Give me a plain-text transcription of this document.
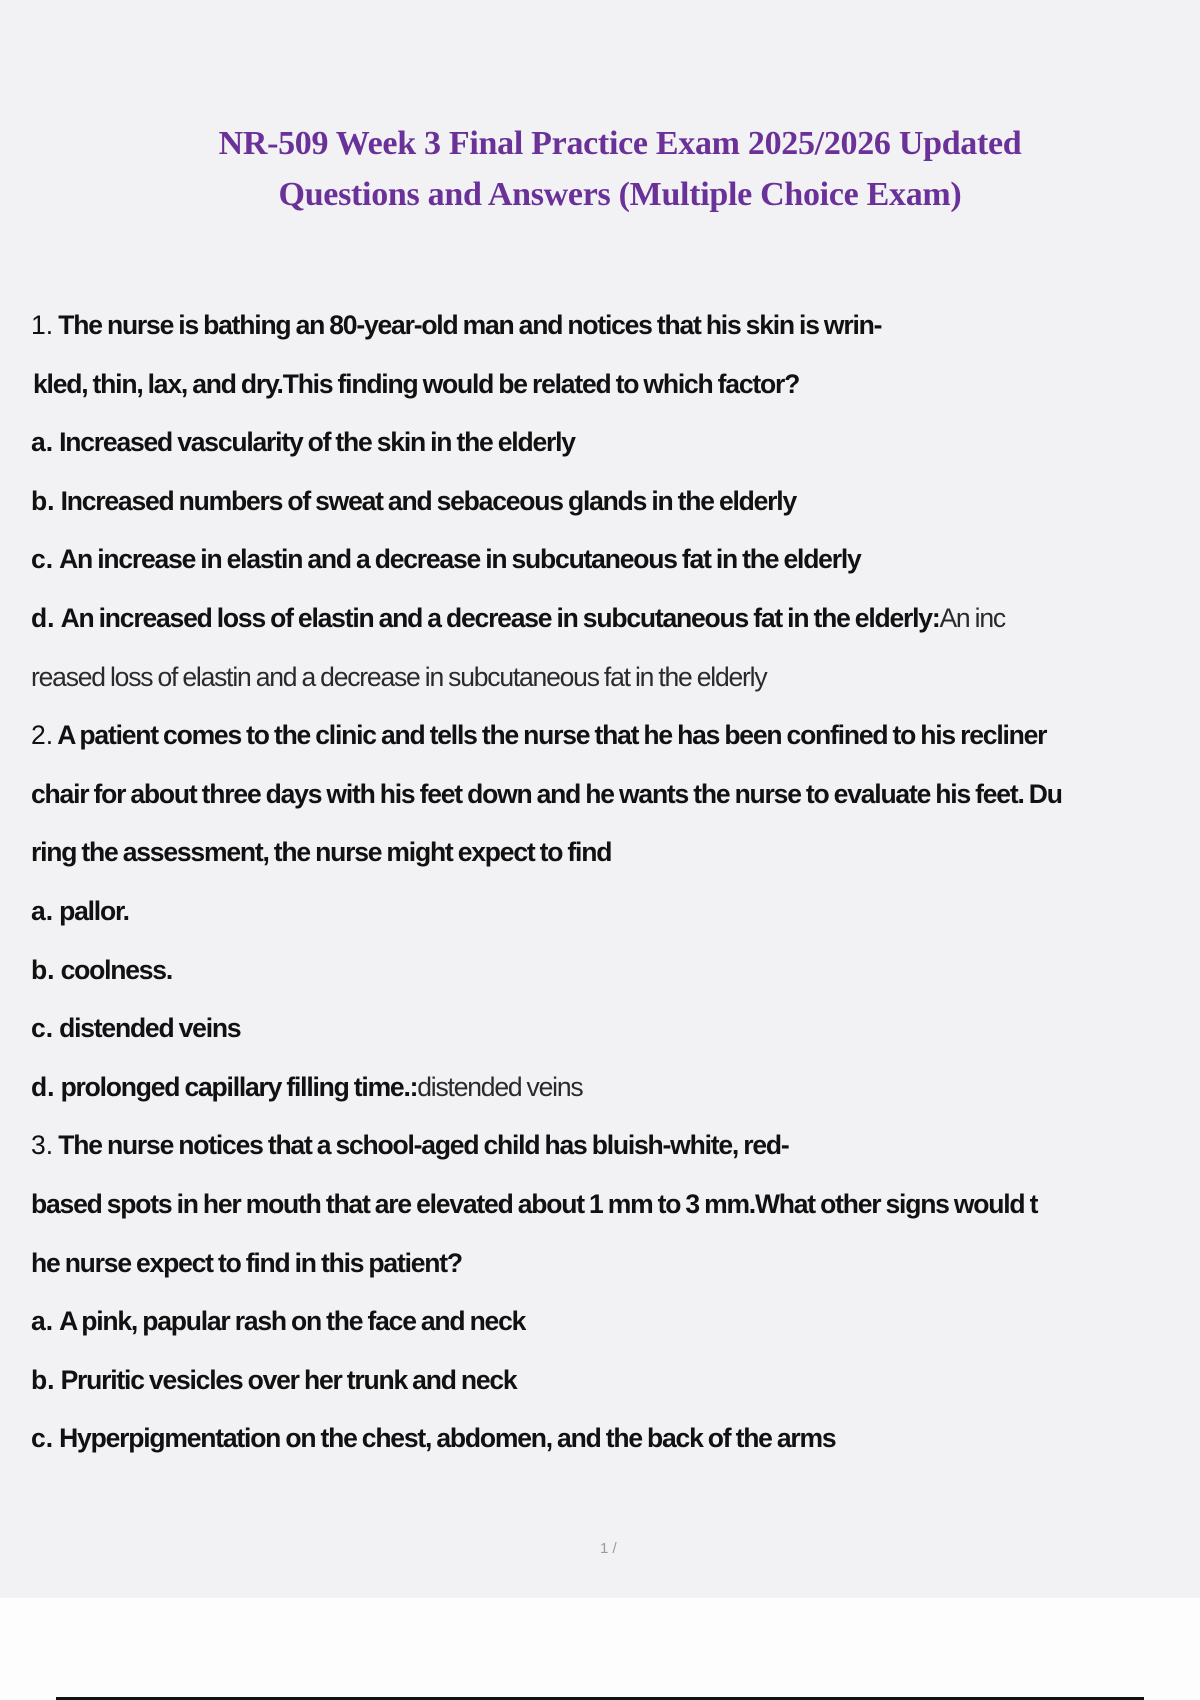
NR-509 Week 3 Final Practice Exam 2025/2026 Updated
Questions and Answers (Multiple Choice Exam)
1. The nurse is bathing an 80-year-old man and notices that his skin is wrin-
kled, thin, lax, and dry.This finding would be related to which factor?
a. Increased vascularity of the skin in the elderly
b. Increased numbers of sweat and sebaceous glands in the elderly
c. An increase in elastin and a decrease in subcutaneous fat in the elderly
d. An increased loss of elastin and a decrease in subcutaneous fat in the elderly:An inc
reased loss of elastin and a decrease in subcutaneous fat in the elderly
2. A patient comes to the clinic and tells the nurse that he has been confined to his recliner
chair for about three days with his feet down and he wants the nurse to evaluate his feet. Du
ring the assessment, the nurse might expect to find
a. pallor.
b. coolness.
c. distended veins
d. prolonged capillary filling time.:distended veins
3. The nurse notices that a school-aged child has bluish-white, red-
based spots in her mouth that are elevated about 1 mm to 3 mm.What other signs would t
he nurse expect to find in this patient?
a. A pink, papular rash on the face and neck
b. Pruritic vesicles over her trunk and neck
c. Hyperpigmentation on the chest, abdomen, and the back of the arms
1 /
